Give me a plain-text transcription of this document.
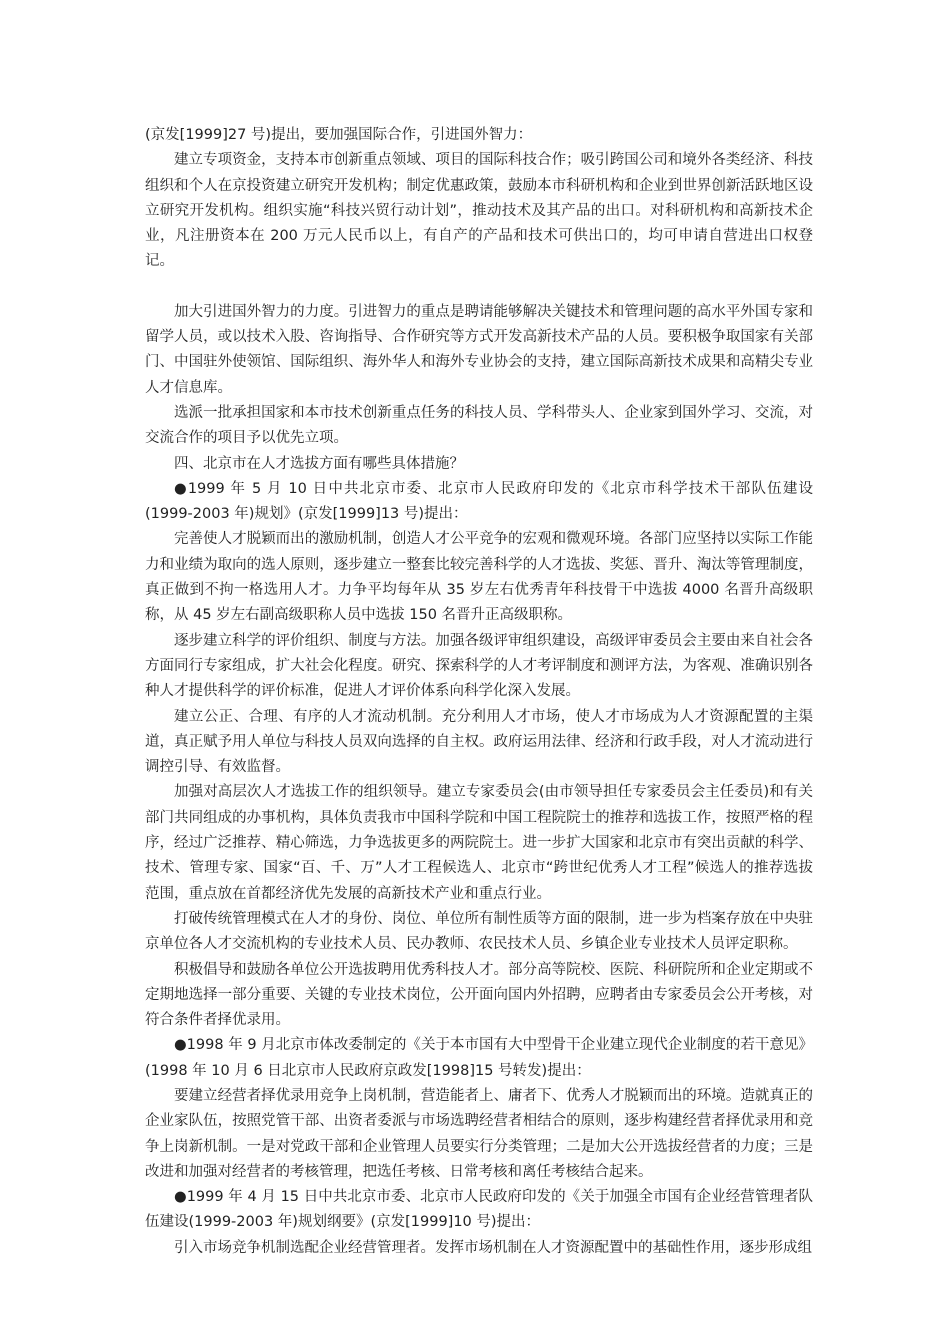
(京发[1999]27 号)提出，要加强国际合作，引进国外智力：

建立专项资金，支持本市创新重点领域、项目的国际科技合作；吸引跨国公司和境外各类经济、科技组织和个人在京投资建立研究开发机构；制定优惠政策，鼓励本市科研机构和企业到世界创新活跃地区设立研究开发机构。组织实施“科技兴贸行动计划”，推动技术及其产品的出口。对科研机构和高新技术企业，凡注册资本在 200 万元人民币以上，有自产的产品和技术可供出口的，均可申请自营进出口权登记。

加大引进国外智力的力度。引进智力的重点是聘请能够解决关键技术和管理问题的高水平外国专家和留学人员，或以技术入股、咨询指导、合作研究等方式开发高新技术产品的人员。要积极争取国家有关部门、中国驻外使领馆、国际组织、海外华人和海外专业协会的支持，建立国际高新技术成果和高精尖专业人才信息库。

选派一批承担国家和本市技术创新重点任务的科技人员、学科带头人、企业家到国外学习、交流，对交流合作的项目予以优先立项。

四、北京市在人才选拔方面有哪些具体措施？

●1999 年 5 月 10 日中共北京市委、北京市人民政府印发的《北京市科学技术干部队伍建设(1999-2003 年)规划》(京发[1999]13 号)提出：

完善使人才脱颖而出的激励机制，创造人才公平竞争的宏观和微观环境。各部门应坚持以实际工作能力和业绩为取向的选人原则，逐步建立一整套比较完善科学的人才选拔、奖惩、晋升、淘汰等管理制度，真正做到不拘一格选用人才。力争平均每年从 35 岁左右优秀青年科技骨干中选拔 4000 名晋升高级职称，从 45 岁左右副高级职称人员中选拔 150 名晋升正高级职称。

逐步建立科学的评价组织、制度与方法。加强各级评审组织建设，高级评审委员会主要由来自社会各方面同行专家组成，扩大社会化程度。研究、探索科学的人才考评制度和测评方法，为客观、准确识别各种人才提供科学的评价标准，促进人才评价体系向科学化深入发展。

建立公正、合理、有序的人才流动机制。充分利用人才市场，使人才市场成为人才资源配置的主渠道，真正赋予用人单位与科技人员双向选择的自主权。政府运用法律、经济和行政手段，对人才流动进行调控引导、有效监督。

加强对高层次人才选拔工作的组织领导。建立专家委员会(由市领导担任专家委员会主任委员)和有关部门共同组成的办事机构，具体负责我市中国科学院和中国工程院院士的推荐和选拔工作，按照严格的程序，经过广泛推荐、精心筛选，力争选拔更多的两院院士。进一步扩大国家和北京市有突出贡献的科学、技术、管理专家、国家“百、千、万”人才工程候选人、北京市“跨世纪优秀人才工程”候选人的推荐选拔范围，重点放在首都经济优先发展的高新技术产业和重点行业。

打破传统管理模式在人才的身份、岗位、单位所有制性质等方面的限制，进一步为档案存放在中央驻京单位各人才交流机构的专业技术人员、民办教师、农民技术人员、乡镇企业专业技术人员评定职称。

积极倡导和鼓励各单位公开选拔聘用优秀科技人才。部分高等院校、医院、科研院所和企业定期或不定期地选择一部分重要、关键的专业技术岗位，公开面向国内外招聘，应聘者由专家委员会公开考核，对符合条件者择优录用。

●1998 年 9 月北京市体改委制定的《关于本市国有大中型骨干企业建立现代企业制度的若干意见》(1998 年 10 月 6 日北京市人民政府京政发[1998]15 号转发)提出：

要建立经营者择优录用竞争上岗机制，营造能者上、庸者下、优秀人才脱颖而出的环境。造就真正的企业家队伍，按照党管干部、出资者委派与市场选聘经营者相结合的原则，逐步构建经营者择优录用和竞争上岗新机制。一是对党政干部和企业管理人员要实行分类管理；二是加大公开选拔经营者的力度；三是改进和加强对经营者的考核管理，把选任考核、日常考核和离任考核结合起来。

●1999 年 4 月 15 日中共北京市委、北京市人民政府印发的《关于加强全市国有企业经营管理者队伍建设(1999-2003 年)规划纲要》(京发[1999]10 号)提出：

引入市场竞争机制选配企业经营管理者。发挥市场机制在人才资源配置中的基础性作用，逐步形成组
